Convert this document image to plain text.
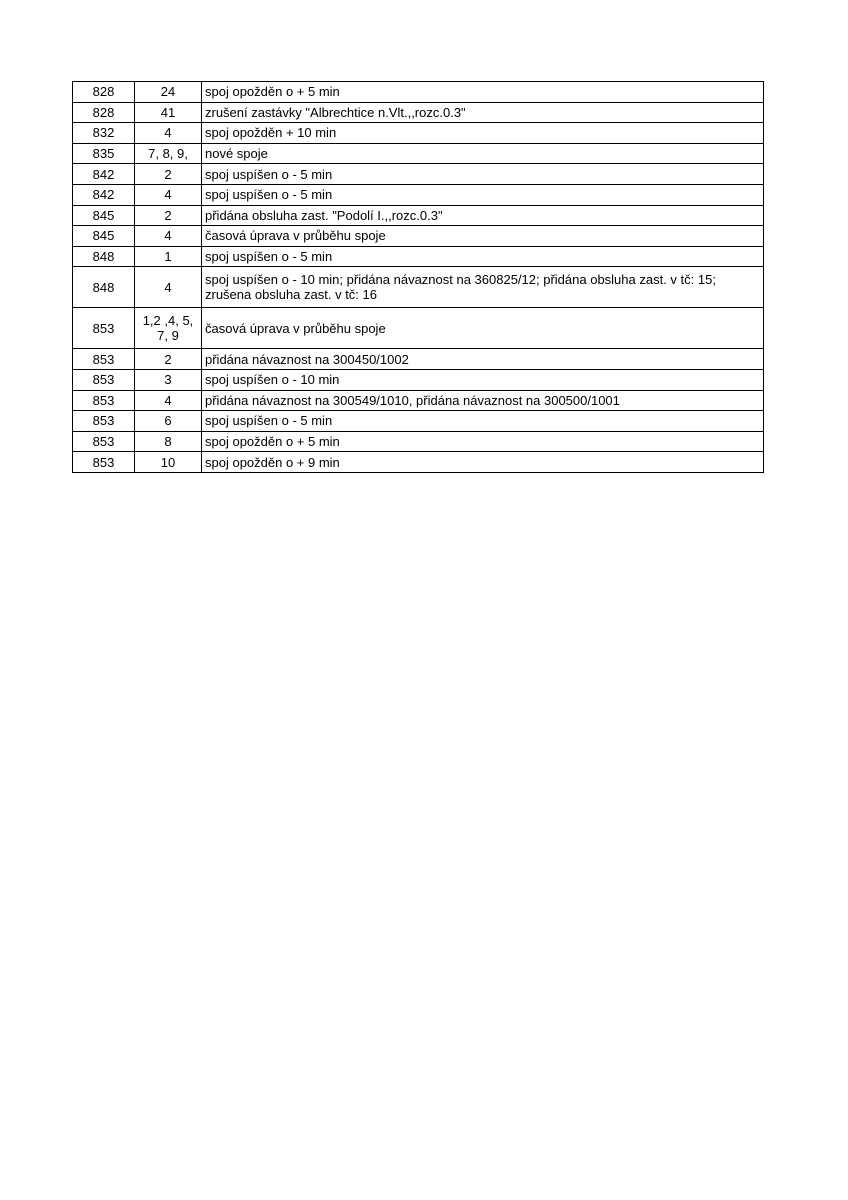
828	24	spoj opožděn o + 5 min
828	41	zrušení zastávky "Albrechtice n.Vlt.,,rozc.0.3"
832	4	spoj opožděn + 10 min
835	7, 8, 9,	nové spoje
842	2	spoj uspíšen o - 5 min
842	4	spoj uspíšen o - 5 min
845	2	přidána obsluha zast. "Podolí I.,,rozc.0.3"
845	4	časová úprava v průběhu spoje
848	1	spoj uspíšen o - 5 min
848	4	spoj uspíšen o - 10 min; přidána návaznost na 360825/12; přidána obsluha zast. v tč: 15; zrušena obsluha zast. v tč: 16
853	1,2 ,4, 5, 7, 9	časová úprava v průběhu spoje
853	2	přidána návaznost na 300450/1002
853	3	spoj uspíšen o - 10 min
853	4	přidána návaznost na 300549/1010, přidána návaznost na 300500/1001
853	6	spoj uspíšen o - 5 min
853	8	spoj opožděn o + 5 min
853	10	spoj opožděn o + 9 min
